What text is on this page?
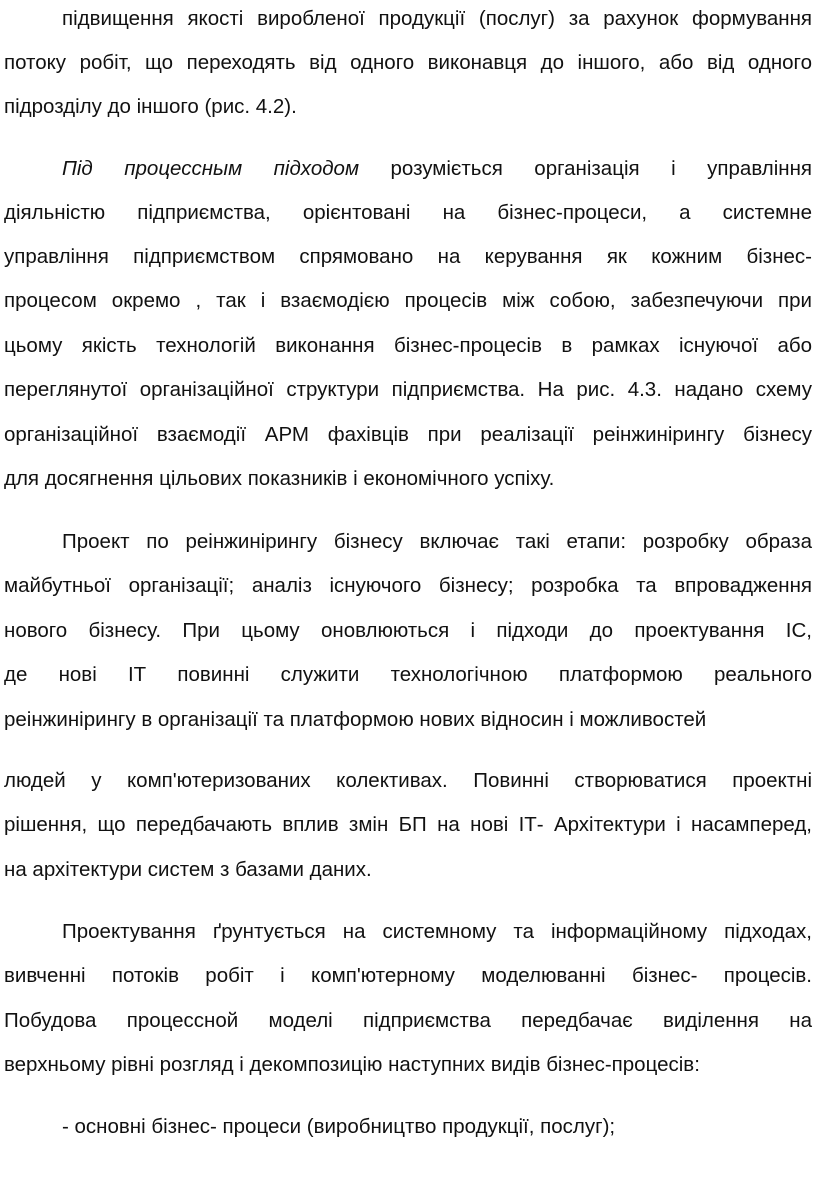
підвищення якості виробленої продукції (послуг) за рахунок формування
потоку робіт, що переходять від одного виконавця до іншого, або від одного
підрозділу до іншого (рис. 4.2).
Під процессным підходом розуміється організація і управління
діяльністю підприємства, орієнтовані на бізнес-процеси, а системне
управління підприємством спрямовано на керування як кожним бізнес-
процесом окремо , так і взаємодією процесів між собою, забезпечуючи при
цьому якість технологій виконання бізнес-процесів в рамках існуючої або
переглянутої організаційної структури підприємства. На рис. 4.3. надано схему
організаційної взаємодії АРМ фахівців при реалізації реінжинірингу бізнесу
для досягнення цільових показників і економічного успіху.
Проект по реінжинірингу бізнесу включає такі етапи: розробку образа
майбутньої організації; аналіз існуючого бізнесу; розробка та впровадження
нового бізнесу. При цьому оновлюються і підходи до проектування ІС,
де нові ІТ повинні служити технологічною платформою реального
реінжинірингу в організації та платформою нових відносин і можливостей
людей у комп'ютеризованих колективах. Повинні створюватися проектні
рішення, що передбачають вплив змін БП на нові ІТ- Архітектури і насамперед,
на архітектури систем з базами даних.
Проектування ґрунтується на системному та інформаційному підходах,
вивченні потоків робіт і комп'ютерному моделюванні бізнес- процесів.
Побудова процессной моделі підприємства передбачає виділення на
верхньому рівні розгляд і декомпозицію наступних видів бізнес-процесів:
- основні бізнес- процеси (виробництво продукції, послуг);
